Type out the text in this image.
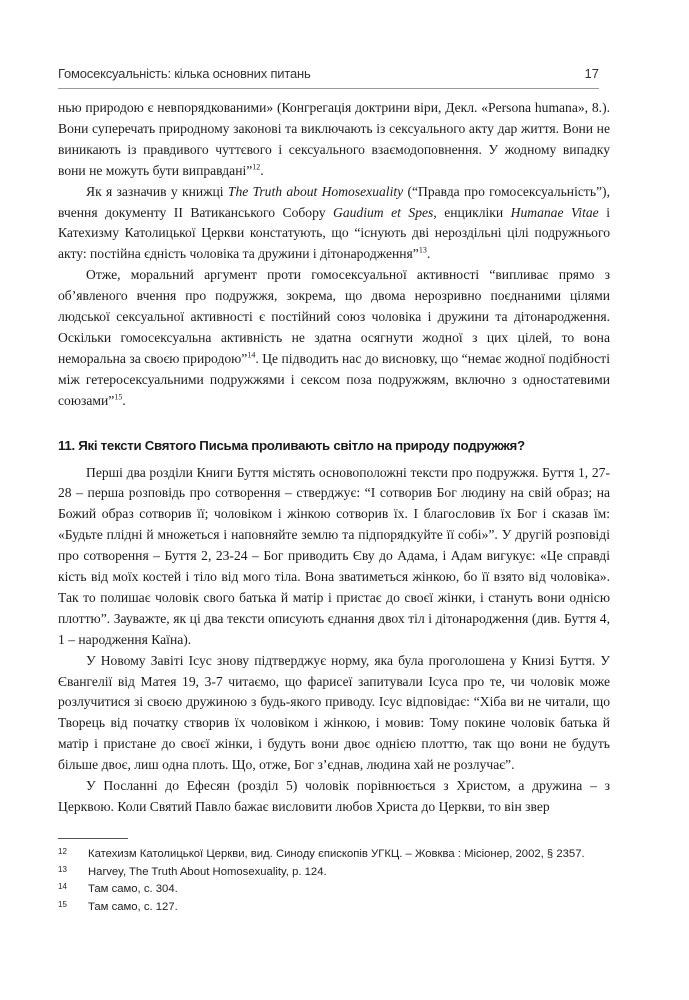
Гомосексуальність: кілька основних питань	17

нью природою є невпорядкованими» (Конгрегація доктрини віри, Декл. «Persona humana», 8.). Вони суперечать природному законові та виключають із сексуального акту дар життя. Вони не виникають із правдивого чуттєвого і сексуального взаємодоповнення. У жодному випадку вони не можуть бути виправдані”$^{12}$.

Як я зазначив у книжці The Truth about Homosexuality (“Правда про гомосексуальність”), вчення документу ІІ Ватиканського Собору Gaudium et Spes, енцикліки Humanae Vitae і Катехизму Католицької Церкви констатують, що “існують дві нероздільні цілі подружнього акту: постійна єдність чоловіка та дружини і дітонародження”$^{13}$.

Отже, моральний аргумент проти гомосексуальної активності “випливає прямо з об’явленого вчення про подружжя, зокрема, що двома нерозривно поєднаними цілями людської сексуальної активності є постійний союз чоловіка і дружини та дітонародження. Оскільки гомосексуальна активність не здатна осягнути жодної з цих цілей, то вона неморальна за своєю природою”$^{14}$. Це підводить нас до висновку, що “немає жодної подібності між гетеросексуальними подружжями і сексом поза подружжям, включно з одностатевими союзами”$^{15}$.

11. Які тексти Святого Письма проливають світло на природу подружжя?

Перші два розділи Книги Буття містять основоположні тексти про подружжя. Буття 1, 27-28 – перша розповідь про сотворення – стверджує: “І сотворив Бог людину на свій образ; на Божий образ сотворив її; чоловіком і жінкою сотворив їх. І благословив їх Бог і сказав їм: «Будьте плідні й множеться і наповняйте землю та підпорядкуйте її собі»”. У другій розповіді про сотворення – Буття 2, 23-24 – Бог приводить Єву до Адама, і Адам вигукує: «Це справді кість від моїх костей і тіло від мого тіла. Вона зватиметься жінкою, бо її взято від чоловіка». Так то полишає чоловік свого батька й матір і пристає до своєї жінки, і стануть вони одніcю плоттю”. Зауважте, як ці два тексти описують єднання двох тіл і дітонародження (див. Буття 4, 1 – народження Каїна).

У Новому Завіті Ісус знову підтверджує норму, яка була проголошена у Книзі Буття. У Євангелії від Матея 19, 3-7 читаємо, що фарисеї запитували Ісуса про те, чи чоловік може розлучитися зі своєю дружиною з будь-якого приводу. Ісус відповідає: “Хіба ви не читали, що Творець від початку створив їх чоловіком і жінкою, і мовив: Тому покине чоловік батька й матір і пристане до своєї жінки, і будуть вони двоє однією плоттю, так що вони не будуть більше двоє, лиш одна плоть. Що, отже, Бог з’єднав, людина хай не розлучає”.

У Посланні до Ефесян (розділ 5) чоловік порівнюється з Христом, а дружина – з Церквою. Коли Святий Павло бажає висловити любов Христа до Церкви, то він звер

12 Катехизм Католицької Церкви, вид. Синоду єпископів УГКЦ. – Жовква : Місіонер, 2002, § 2357.
13 Harvey, The Truth About Homosexuality, p. 124.
14 Там само, с. 304.
15 Там само, с. 127.
